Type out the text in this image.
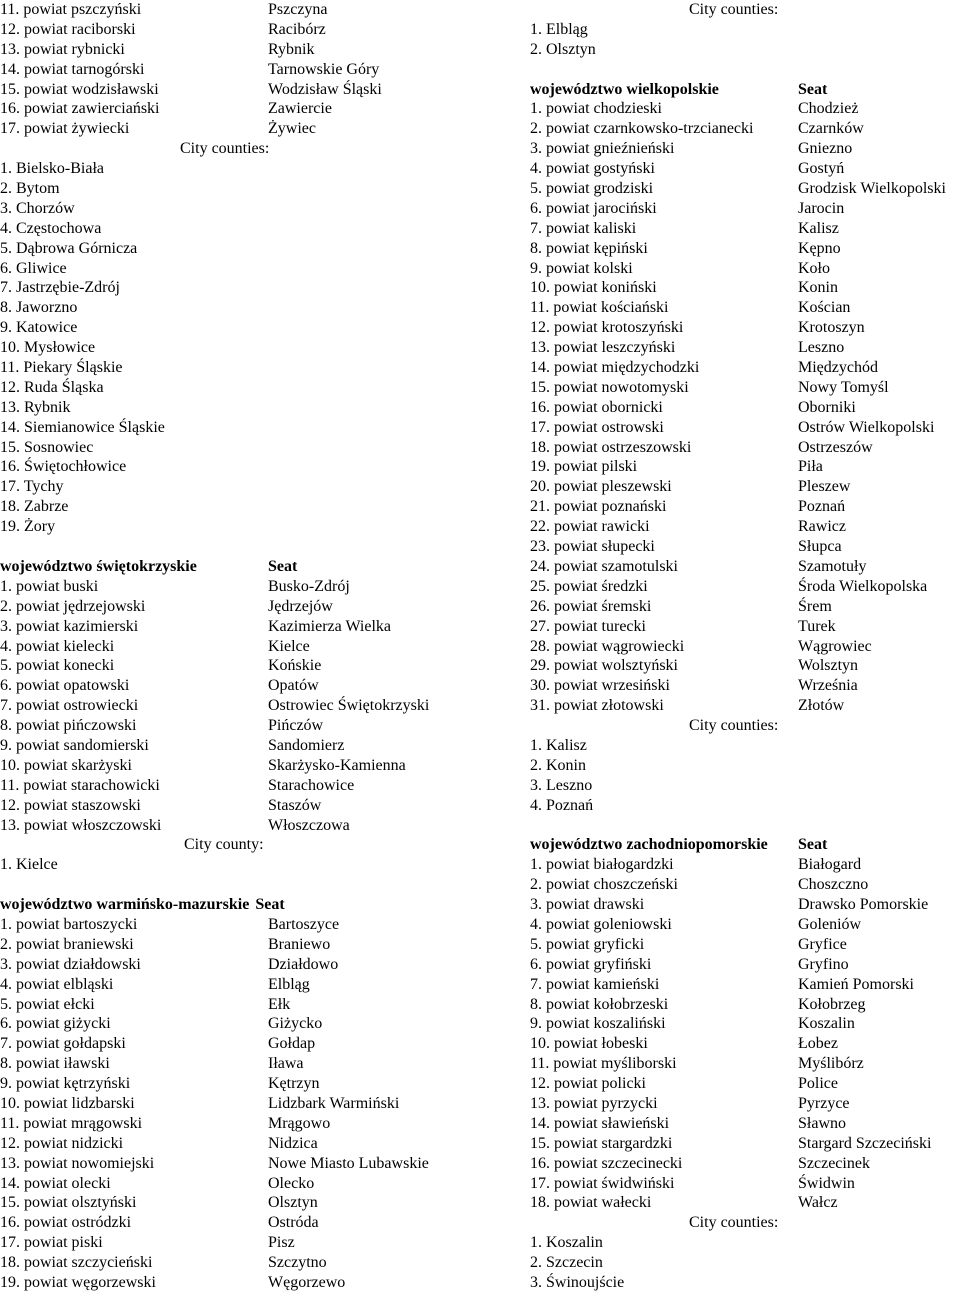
11. powiat pszczyński	Pszczyna
12. powiat raciborski	Racibórz
13. powiat rybnicki	Rybnik
14. powiat tarnogórski	Tarnowskie Góry
15. powiat wodzisławski	Wodzisław Śląski
16. powiat zawierciański	Zawiercie
17. powiat żywiecki	Żywiec
City counties:
1. Bielsko-Biała
2. Bytom
3. Chorzów
4. Częstochowa
5. Dąbrowa Górnicza
6. Gliwice
7. Jastrzębie-Zdrój
8. Jaworzno
9. Katowice
10. Mysłowice
11. Piekary Śląskie
12. Ruda Śląska
13. Rybnik
14. Siemianowice Śląskie
15. Sosnowiec
16. Świętochłowice
17. Tychy
18. Zabrze
19. Żory
województwo świętokrzyskie	Seat
1. powiat buski	Busko-Zdrój
2. powiat jędrzejowski	Jędrzejów
3. powiat kazimierski	Kazimierza Wielka
4. powiat kielecki	Kielce
5. powiat konecki	Końskie
6. powiat opatowski	Opatów
7. powiat ostrowiecki	Ostrowiec Świętokrzyski
8. powiat pińczowski	Pińczów
9. powiat sandomierski	Sandomierz
10. powiat skarżyski	Skarżysko-Kamienna
11. powiat starachowicki	Starachowice
12. powiat staszowski	Staszów
13. powiat włoszczowski	Włoszczowa
City county:
1. Kielce
województwo warmińsko-mazurskie Seat
1. powiat bartoszycki	Bartoszyce
2. powiat braniewski	Braniewo
3. powiat działdowski	Działdowo
4. powiat elbląski	Elbląg
5. powiat ełcki	Ełk
6. powiat giżycki	Giżycko
7. powiat gołdapski	Gołdap
8. powiat iławski	Iława
9. powiat kętrzyński	Kętrzyn
10. powiat lidzbarski	Lidzbark Warmiński
11. powiat mrągowski	Mrągowo
12. powiat nidzicki	Nidzica
13. powiat nowomiejski	Nowe Miasto Lubawskie
14. powiat olecki	Olecko
15. powiat olsztyński	Olsztyn
16. powiat ostródzki	Ostróda
17. powiat piski	Pisz
18. powiat szczycieński	Szczytno
19. powiat węgorzewski	Węgorzewo
City counties:
1. Elbląg
2. Olsztyn
województwo wielkopolskie	Seat
1. powiat chodzieski	Chodzież
2. powiat czarnkowsko-trzcianecki	Czarnków
3. powiat gnieźnieński	Gniezno
4. powiat gostyński	Gostyń
5. powiat grodziski	Grodzisk Wielkopolski
6. powiat jarociński	Jarocin
7. powiat kaliski	Kalisz
8. powiat kępiński	Kępno
9. powiat kolski	Koło
10. powiat koniński	Konin
11. powiat kościański	Kościan
12. powiat krotoszyński	Krotoszyn
13. powiat leszczyński	Leszno
14. powiat międzychodzki	Międzychód
15. powiat nowotomyski	Nowy Tomyśl
16. powiat obornicki	Oborniki
17. powiat ostrowski	Ostrów Wielkopolski
18. powiat ostrzeszowski	Ostrzeszów
19. powiat pilski	Piła
20. powiat pleszewski	Pleszew
21. powiat poznański	Poznań
22. powiat rawicki	Rawicz
23. powiat słupecki	Słupca
24. powiat szamotulski	Szamotuły
25. powiat średzki	Środa Wielkopolska
26. powiat śremski	Śrem
27. powiat turecki	Turek
28. powiat wągrowiecki	Wągrowiec
29. powiat wolsztyński	Wolsztyn
30. powiat wrzesiński	Września
31. powiat złotowski	Złotów
City counties:
1. Kalisz
2. Konin
3. Leszno
4. Poznań
województwo zachodniopomorskie	Seat
1. powiat białogardzki	Białogard
2. powiat choszczeński	Choszczno
3. powiat drawski	Drawsko Pomorskie
4. powiat goleniowski	Goleniów
5. powiat gryficki	Gryfice
6. powiat gryfiński	Gryfino
7. powiat kamieński	Kamień Pomorski
8. powiat kołobrzeski	Kołobrzeg
9. powiat koszaliński	Koszalin
10. powiat łobeski	Łobez
11. powiat myśliborski	Myślibórz
12. powiat policki	Police
13. powiat pyrzycki	Pyrzyce
14. powiat sławieński	Sławno
15. powiat stargardzki	Stargard Szczeciński
16. powiat szczecinecki	Szczecinek
17. powiat świdwiński	Świdwin
18. powiat wałecki	Wałcz
City counties:
1. Koszalin
2. Szczecin
3. Świnoujście
